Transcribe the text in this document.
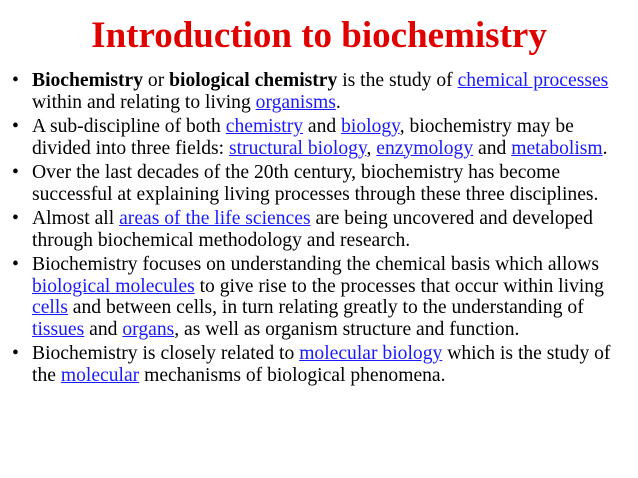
Introduction to biochemistry
• Biochemistry or biological chemistry is the study of chemical processes within and relating to living organisms.
• A sub-discipline of both chemistry and biology, biochemistry may be divided into three fields: structural biology, enzymology and metabolism.
• Over the last decades of the 20th century, biochemistry has become successful at explaining living processes through these three disciplines.
• Almost all areas of the life sciences are being uncovered and developed through biochemical methodology and research.
• Biochemistry focuses on understanding the chemical basis which allows biological molecules to give rise to the processes that occur within living cells and between cells, in turn relating greatly to the understanding of tissues and organs, as well as organism structure and function.
• Biochemistry is closely related to molecular biology which is the study of the molecular mechanisms of biological phenomena.
